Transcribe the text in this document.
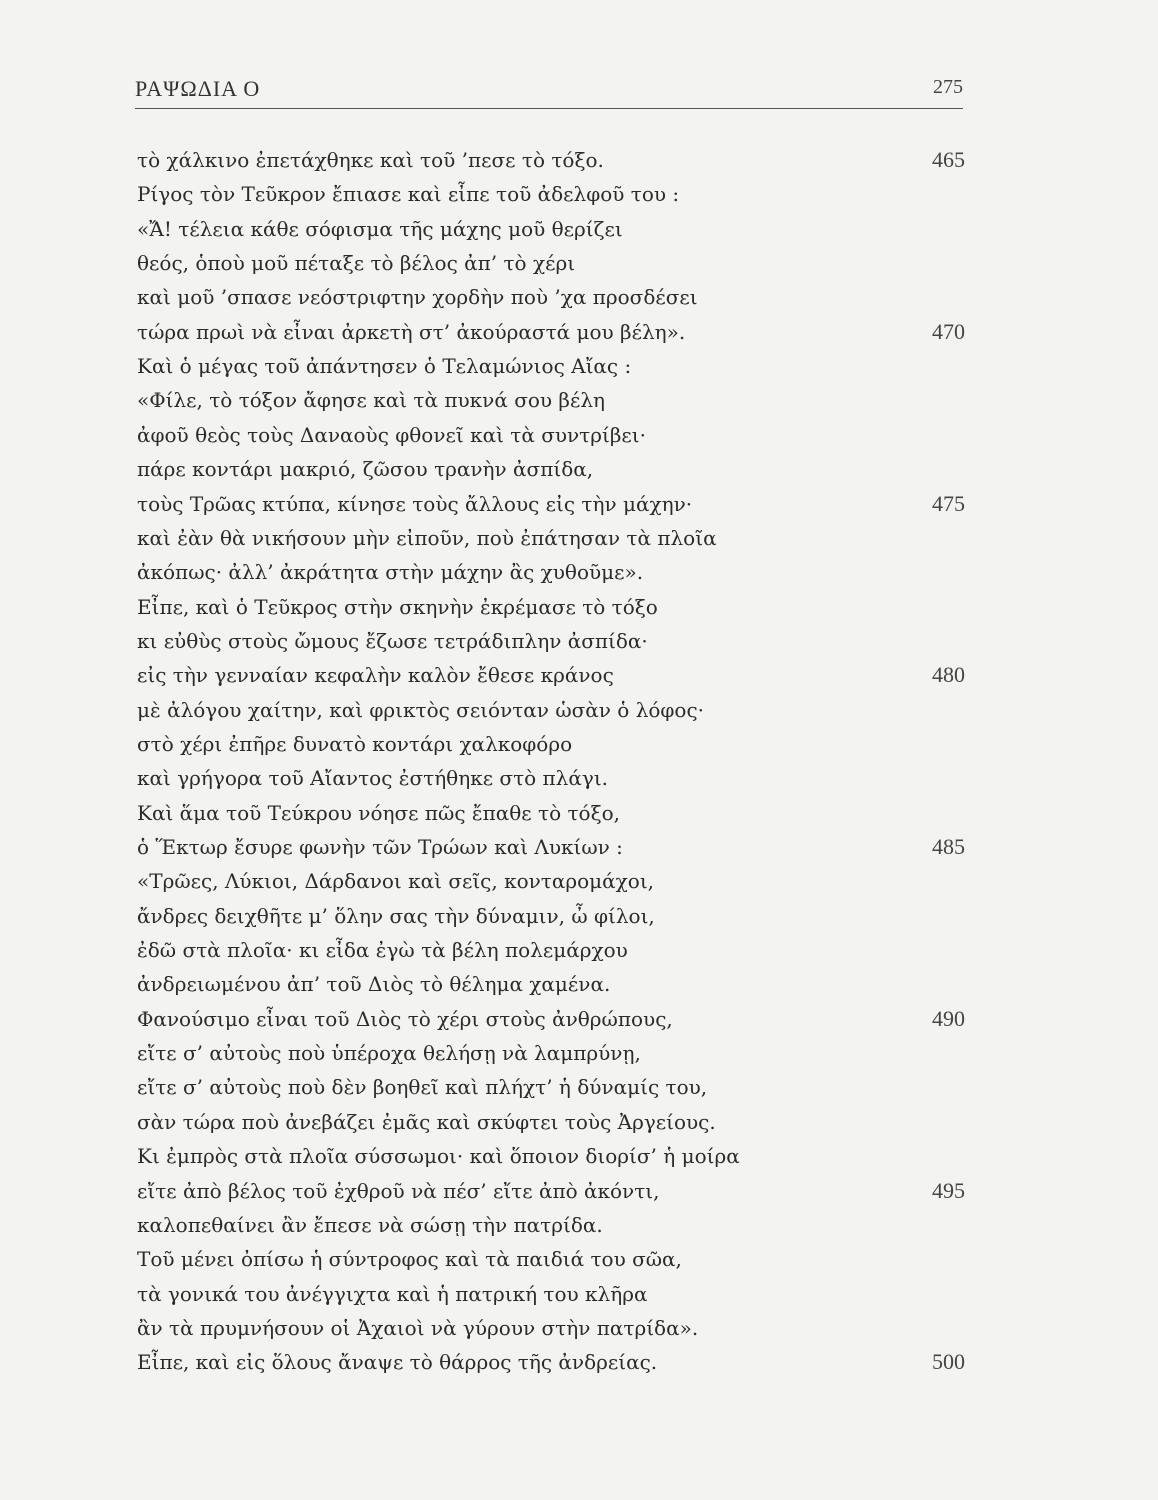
ΡΑΨΩΔΙΑ Ο	275
τὸ χάλκινο ἐπετάχθηκε καὶ τοῦ ’πεσε τὸ τόξο.	465
Ρίγος τὸν Τεῦκρον ἔπιασε καὶ εἶπε τοῦ ἀδελφοῦ του :
«Ἄ! τέλεια κάθε σόφισμα τῆς μάχης μοῦ θερίζει
θεός, ὁποὺ μοῦ πέταξε τὸ βέλος ἀπ’ τὸ χέρι
καὶ μοῦ ’σπασε νεόστριφτην χορδὴν ποὺ ’χα προσδέσει
τώρα πρωὶ νὰ εἶναι ἀρκετὴ στ’ ἀκούραστά μου βέλη».	470
Καὶ ὁ μέγας τοῦ ἀπάντησεν ὁ Τελαμώνιος Αἴας :
«Φίλε, τὸ τόξον ἄφησε καὶ τὰ πυκνά σου βέλη
ἀφοῦ θεὸς τοὺς Δαναοὺς φθονεῖ καὶ τὰ συντρίβει·
πάρε κοντάρι μακριό, ζῶσου τρανὴν ἀσπίδα,
τοὺς Τρῶας κτύπα, κίνησε τοὺς ἄλλους εἰς τὴν μάχην·	475
καὶ ἐὰν θὰ νικήσουν μὴν εἰποῦν, ποὺ ἐπάτησαν τὰ πλοῖα
ἀκόπως· ἀλλ’ ἀκράτητα στὴν μάχην ἂς χυθοῦμε».
Εἶπε, καὶ ὁ Τεῦκρος στὴν σκηνὴν ἐκρέμασε τὸ τόξο
κι εὐθὺς στοὺς ὤμους ἔζωσε τετράδιπλην ἀσπίδα·
εἰς τὴν γενναίαν κεφαλὴν καλὸν ἔθεσε κράνος	480
μὲ ἀλόγου χαίτην, καὶ φρικτὸς σειόνταν ὡσὰν ὁ λόφος·
στὸ χέρι ἐπῆρε δυνατὸ κοντάρι χαλκοφόρο
καὶ γρήγορα τοῦ Αἴαντος ἐστήθηκε στὸ πλάγι.
Καὶ ἅμα τοῦ Τεύκρου νόησε πῶς ἔπαθε τὸ τόξο,
ὁ Ἕκτωρ ἔσυρε φωνὴν τῶν Τρώων καὶ Λυκίων :	485
«Τρῶες, Λύκιοι, Δάρδανοι καὶ σεῖς, κονταρομάχοι,
ἄνδρες δειχθῆτε μ’ ὅλην σας τὴν δύναμιν, ὦ φίλοι,
ἐδῶ στὰ πλοῖα· κι εἶδα ἐγὼ τὰ βέλη πολεμάρχου
ἀνδρειωμένου ἀπ’ τοῦ Διὸς τὸ θέλημα χαμένα.
Φανούσιμο εἶναι τοῦ Διὸς τὸ χέρι στοὺς ἀνθρώπους,	490
εἴτε σ’ αὐτοὺς ποὺ ὑπέροχα θελήσῃ νὰ λαμπρύνῃ,
εἴτε σ’ αὐτοὺς ποὺ δὲν βοηθεῖ καὶ πλήχτ’ ἡ δύναμίς του,
σὰν τώρα ποὺ ἀνεβάζει ἐμᾶς καὶ σκύφτει τοὺς Ἀργείους.
Κι ἐμπρὸς στὰ πλοῖα σύσσωμοι· καὶ ὅποιον διορίσ’ ἡ μοίρα
εἴτε ἀπὸ βέλος τοῦ ἐχθροῦ νὰ πέσ’ εἴτε ἀπὸ ἀκόντι,	495
καλοπεθαίνει ἂν ἔπεσε νὰ σώσῃ τὴν πατρίδα.
Τοῦ μένει ὀπίσω ἡ σύντροφος καὶ τὰ παιδιά του σῶα,
τὰ γονικά του ἀνέγγιχτα καὶ ἡ πατρική του κλῆρα
ἂν τὰ πρυμνήσουν οἱ Ἀχαιοὶ νὰ γύρουν στὴν πατρίδα».
Εἶπε, καὶ εἰς ὅλους ἄναψε τὸ θάρρος τῆς ἀνδρείας.	500
